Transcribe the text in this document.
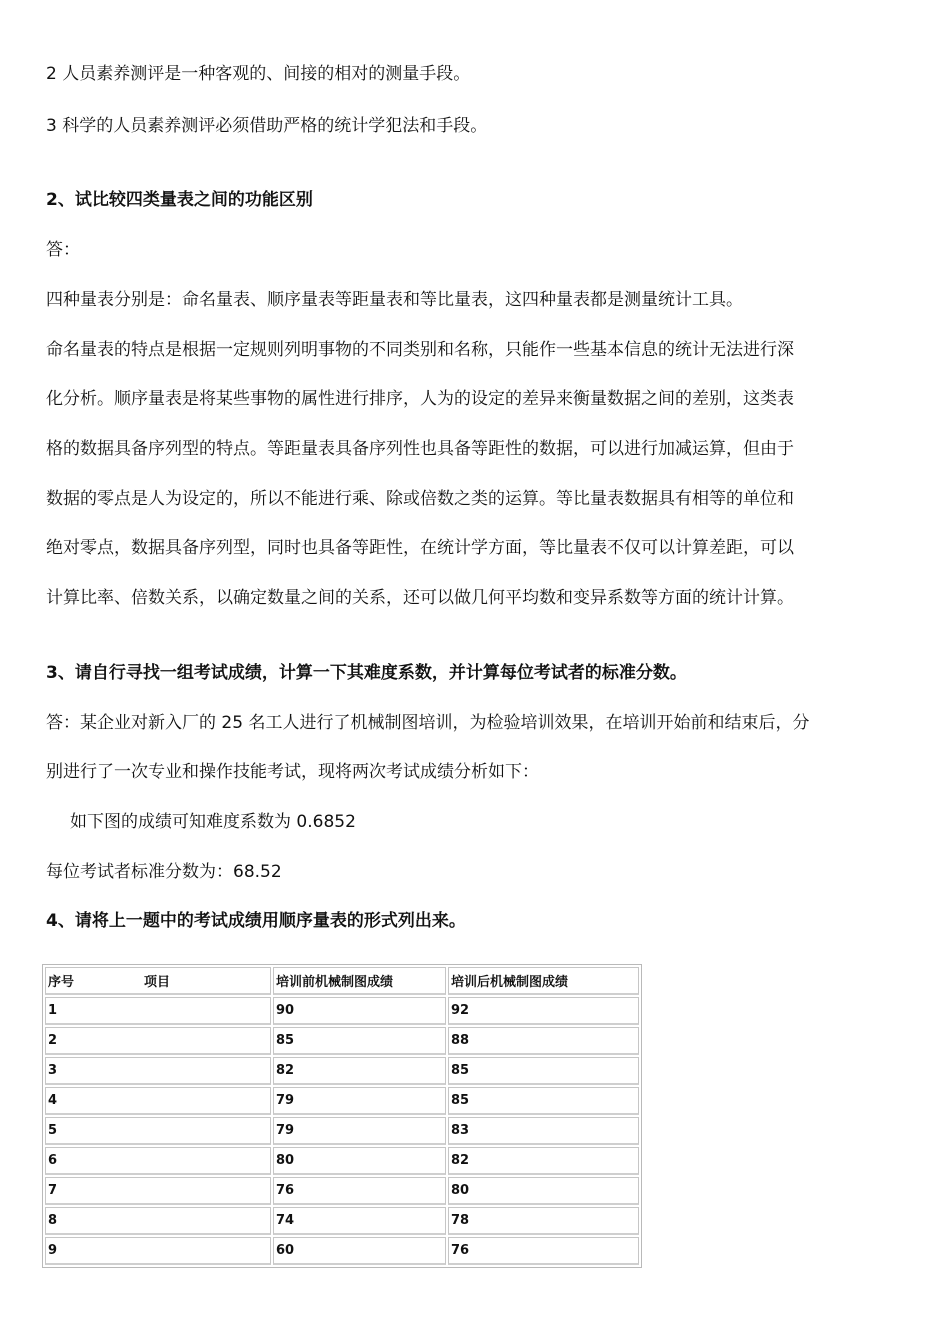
2 人员素养测评是一种客观的、间接的相对的测量手段。
3 科学的人员素养测评必须借助严格的统计学犯法和手段。
2、试比较四类量表之间的功能区别
答：
四种量表分别是：命名量表、顺序量表等距量表和等比量表，这四种量表都是测量统计工具。
命名量表的特点是根据一定规则列明事物的不同类别和名称，只能作一些基本信息的统计无法进行深
化分析。顺序量表是将某些事物的属性进行排序，人为的设定的差异来衡量数据之间的差别，这类表
格的数据具备序列型的特点。等距量表具备序列性也具备等距性的数据，可以进行加减运算，但由于
数据的零点是人为设定的，所以不能进行乘、除或倍数之类的运算。等比量表数据具有相等的单位和
绝对零点，数据具备序列型，同时也具备等距性，在统计学方面，等比量表不仅可以计算差距，可以
计算比率、倍数关系，以确定数量之间的关系，还可以做几何平均数和变异系数等方面的统计计算。
3、请自行寻找一组考试成绩，计算一下其难度系数，并计算每位考试者的标准分数。
答：某企业对新入厂的 25 名工人进行了机械制图培训，为检验培训效果，在培训开始前和结束后，分
别进行了一次专业和操作技能考试，现将两次考试成绩分析如下：
如下图的成绩可知难度系数为 0.6852
每位考试者标准分数为：68.52
4、请将上一题中的考试成绩用顺序量表的形式列出来。
序号 项目	培训前机械制图成绩	培训后机械制图成绩
1	90	92
2	85	88
3	82	85
4	79	85
5	79	83
6	80	82
7	76	80
8	74	78
9	60	76
